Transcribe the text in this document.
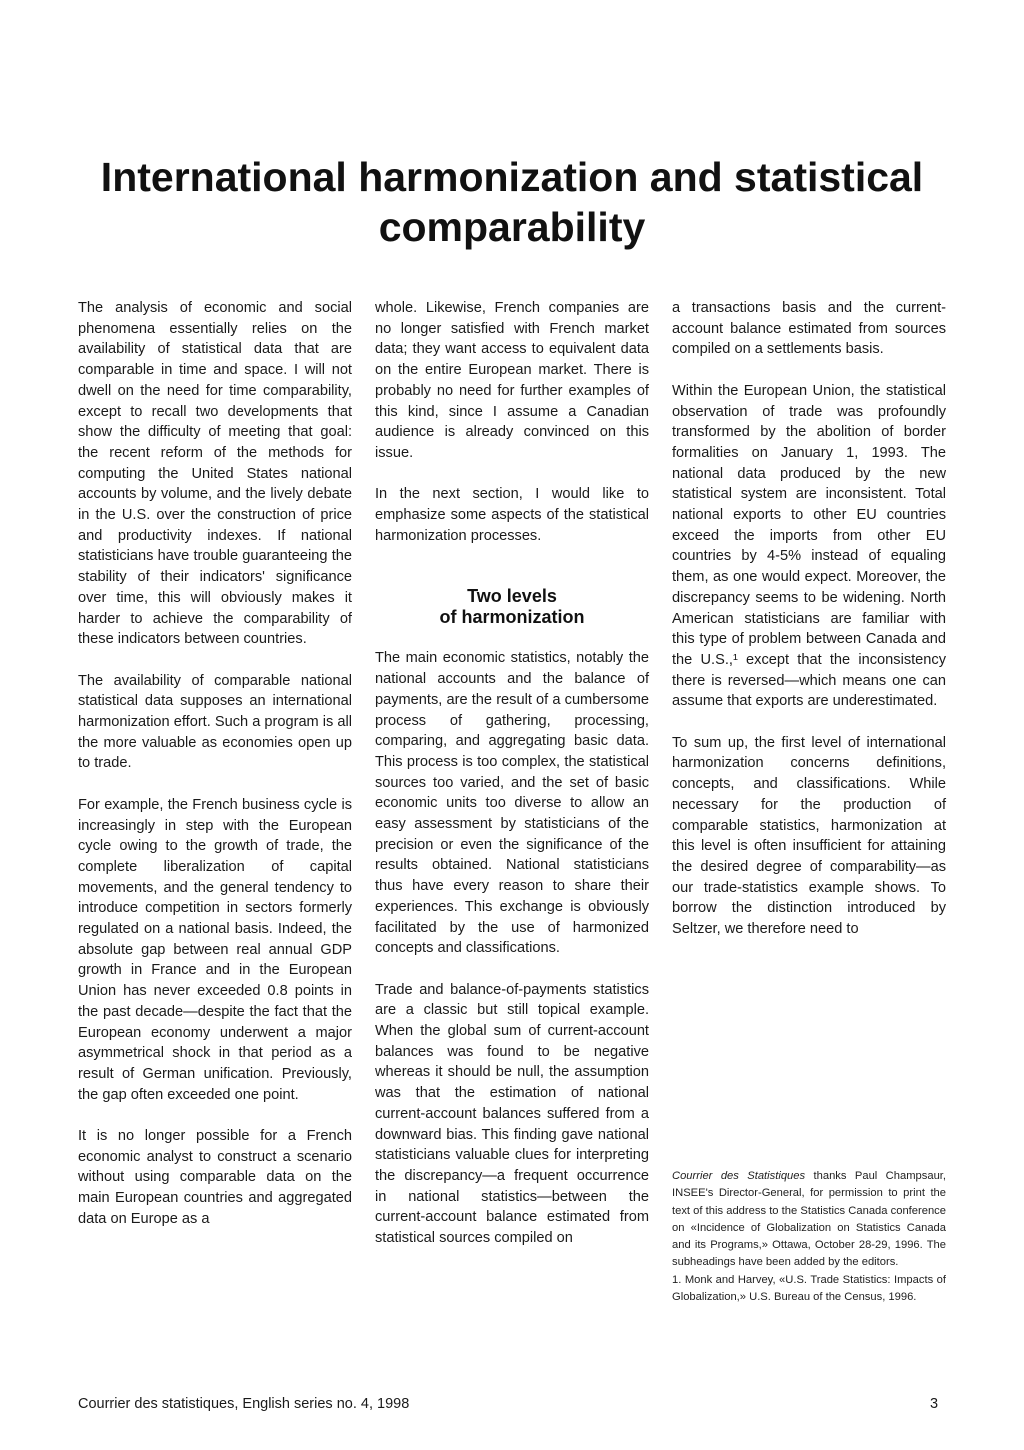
International harmonization and statistical comparability

The analysis of economic and social phenomena essentially relies on the availability of statistical data that are comparable in time and space. I will not dwell on the need for time comparability, except to recall two developments that show the difficulty of meeting that goal: the recent reform of the methods for computing the United States national accounts by volume, and the lively debate in the U.S. over the construction of price and productivity indexes. If national statisticians have trouble guaranteeing the stability of their indicators' significance over time, this will obviously makes it harder to achieve the comparability of these indicators between countries.

The availability of comparable national statistical data supposes an international harmonization effort. Such a program is all the more valuable as economies open up to trade.

For example, the French business cycle is increasingly in step with the European cycle owing to the growth of trade, the complete liberalization of capital movements, and the general tendency to introduce competition in sectors formerly regulated on a national basis. Indeed, the absolute gap between real annual GDP growth in France and in the European Union has never exceeded 0.8 points in the past decade—despite the fact that the European economy underwent a major asymmetrical shock in that period as a result of German unification. Previously, the gap often exceeded one point.

It is no longer possible for a French economic analyst to construct a scenario without using comparable data on the main European countries and aggregated data on Europe as a

whole. Likewise, French companies are no longer satisfied with French market data; they want access to equivalent data on the entire European market. There is probably no need for further examples of this kind, since I assume a Canadian audience is already convinced on this issue.

In the next section, I would like to emphasize some aspects of the statistical harmonization processes.

Two levels
of harmonization

The main economic statistics, notably the national accounts and the balance of payments, are the result of a cumbersome process of gathering, processing, comparing, and aggregating basic data. This process is too complex, the statistical sources too varied, and the set of basic economic units too diverse to allow an easy assessment by statisticians of the precision or even the significance of the results obtained. National statisticians thus have every reason to share their experiences. This exchange is obviously facilitated by the use of harmonized concepts and classifications.

Trade and balance-of-payments statistics are a classic but still topical example. When the global sum of current-account balances was found to be negative whereas it should be null, the assumption was that the estimation of national current-account balances suffered from a downward bias. This finding gave national statisticians valuable clues for interpreting the discrepancy—a frequent occurrence in national statistics—between the current-account balance estimated from statistical sources compiled on

a transactions basis and the current-account balance estimated from sources compiled on a settlements basis.

Within the European Union, the statistical observation of trade was profoundly transformed by the abolition of border formalities on January 1, 1993. The national data produced by the new statistical system are inconsistent. Total national exports to other EU countries exceed the imports from other EU countries by 4-5% instead of equaling them, as one would expect. Moreover, the discrepancy seems to be widening. North American statisticians are familiar with this type of problem between Canada and the U.S.,¹ except that the inconsistency there is reversed—which means one can assume that exports are underestimated.

To sum up, the first level of international harmonization concerns definitions, concepts, and classifications. While necessary for the production of comparable statistics, harmonization at this level is often insufficient for attaining the desired degree of comparability—as our trade-statistics example shows. To borrow the distinction introduced by Seltzer, we therefore need to

Courrier des Statistiques thanks Paul Champsaur, INSEE's Director-General, for permission to print the text of this address to the Statistics Canada conference on «Incidence of Globalization on Statistics Canada and its Programs,» Ottawa, October 28-29, 1996. The subheadings have been added by the editors.

1. Monk and Harvey, «U.S. Trade Statistics: Impacts of Globalization,» U.S. Bureau of the Census, 1996.

Courrier des statistiques, English series no. 4, 1998	3
